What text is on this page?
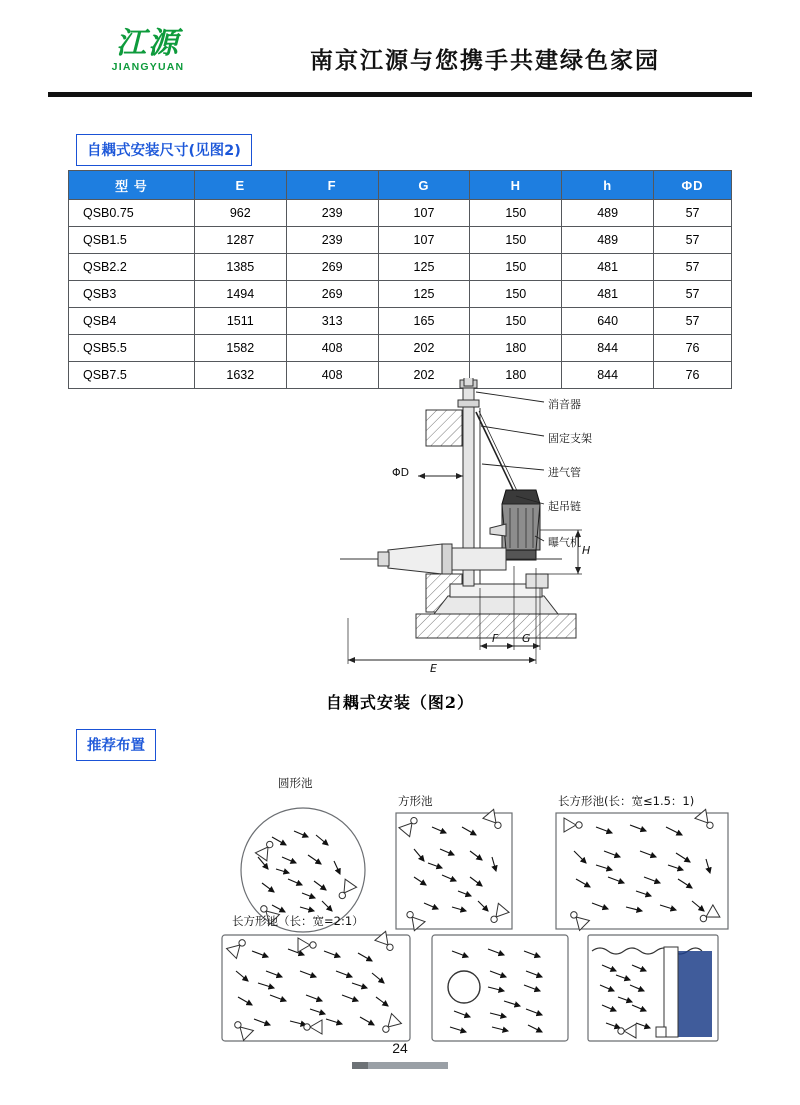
江源
JIANGYUAN	南京江源与您携手共建绿色家园
自耦式安装尺寸(见图2)
型 号	E	F	G	H	h	ΦD
QSB0.75	962	239	107	150	489	57
QSB1.5	1287	239	107	150	489	57
QSB2.2	1385	269	125	150	481	57
QSB3	1494	269	125	150	481	57
QSB4	1511	313	165	150	640	57
QSB5.5	1582	408	202	180	844	76
QSB7.5	1632	408	202	180	844	76
消音器
固定支架
进气管
起吊链
曝气机
ΦD
E
F G
H
自耦式安装（图2）
推荐布置
圆形池
方形池	长方形池(长：宽≤1.5：1)
长方形池（长：宽=2:1）
24
